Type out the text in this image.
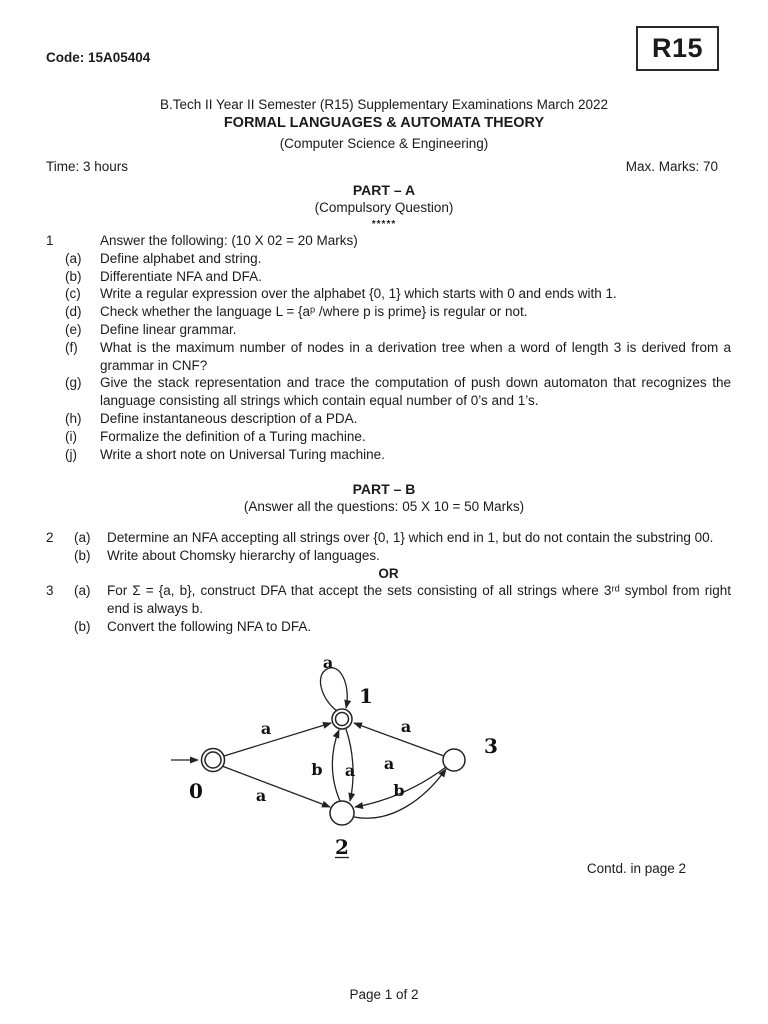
Code: 15A05404	R15
B.Tech II Year II Semester (R15) Supplementary Examinations March 2022
FORMAL LANGUAGES & AUTOMATA THEORY
(Computer Science & Engineering)
Time: 3 hours	Max. Marks: 70
PART – A
(Compulsory Question)
*****
1	Answer the following: (10 X 02 = 20 Marks)
(a)	Define alphabet and string.
(b)	Differentiate NFA and DFA.
(c)	Write a regular expression over the alphabet {0, 1} which starts with 0 and ends with 1.
(d)	Check whether the language L = {aᵖ /where p is prime} is regular or not.
(e)	Define linear grammar.
(f)	What is the maximum number of nodes in a derivation tree when a word of length 3 is derived from a grammar in CNF?
(g)	Give the stack representation and trace the computation of push down automaton that recognizes the language consisting all strings which contain equal number of 0’s and 1’s.
(h)	Define instantaneous description of a PDA.
(i)	Formalize the definition of a Turing machine.
(j)	Write a short note on Universal Turing machine.
PART – B
(Answer all the questions: 05 X 10 = 50 Marks)
2	(a)	Determine an NFA accepting all strings over {0, 1} which end in 1, but do not contain the substring 00.
(b)	Write about Chomsky hierarchy of languages.
OR
3	(a)	For Σ = {a, b}, construct DFA that accept the sets consisting of all strings where 3ʳᵈ symbol from right end is always b.
(b)	Convert the following NFA to DFA.
a
a
a
b a
a
a
b
0
1
2
3
Contd. in page 2
Page 1 of 2
